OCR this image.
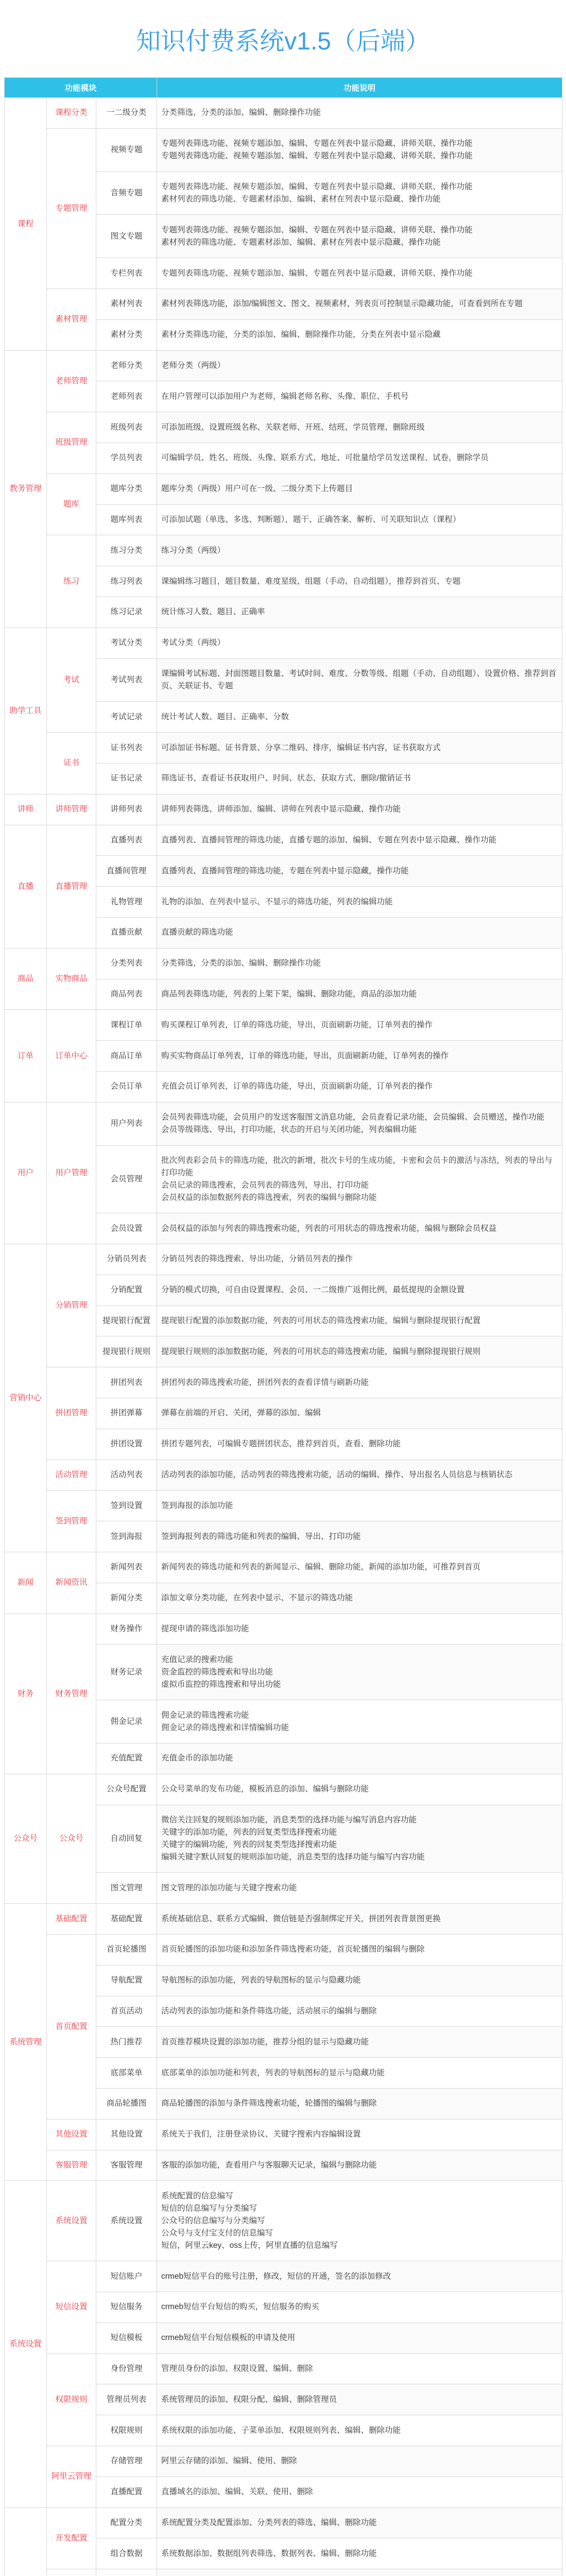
知识付费系统v1.5（后端）
功能模块			功能说明
课程	课程分类	一二级分类	分类筛选，分类的添加、编辑、删除操作功能
	专题管理	视频专题	专题列表筛选功能、视频专题添加、编辑、专题在列表中显示隐藏、讲师关联、操作功能
专题列表筛选功能、视频专题添加、编辑、专题在列表中显示隐藏、讲师关联、操作功能
		音频专题	专题列表筛选功能、视频专题添加、编辑、专题在列表中显示隐藏、讲师关联、操作功能
素材列表的筛选功能、专题素材添加、编辑、素材在列表中显示隐藏、操作功能
		图文专题	专题列表筛选功能、视频专题添加、编辑、专题在列表中显示隐藏、讲师关联、操作功能
素材列表的筛选功能、专题素材添加、编辑、素材在列表中显示隐藏、操作功能
		专栏列表	专题列表筛选功能、视频专题添加、编辑、专题在列表中显示隐藏、讲师关联、操作功能
	素材管理	素材列表	素材列表筛选功能，添加/编辑图文、图文、视频素材，列表页可控制显示隐藏功能，可查看到所在专题
		素材分类	素材分类筛选功能，分类的添加、编辑、删除操作功能，分类在列表中显示隐藏
教务管理	老师管理	老师分类	老师分类（两级）
		老师列表	在用户管理可以添加用户为老师，编辑老师名称、头像、职位、手机号
	班级管理	班级列表	可添加班级、设置班级名称、关联老师、开班、结班、学员管理、删除班级
		学员列表	可编辑学员、姓名、班级、头像、联系方式、地址、可批量给学员发送课程、试卷，删除学员
	题库	题库分类	题库分类（两级）用户可在一级、二级分类下上传题目
		题库列表	可添加试题（单选、多选、判断题），题干、正确答案、解析、可关联知识点（课程）
	练习	练习分类	练习分类（两级）
		练习列表	课编辑练习题目，题目数量、难度星级、组题（手动、自动组题），推荐到首页、专题
		练习记录	统计练习人数、题目、正确率
助学工具	考试	考试分类	考试分类（两级）
		考试列表	课编辑考试标题、封面图题目数量、考试时间、难度、分数等级、组题（手动、自动组题）、设置价格、推荐到首页、关联证书、专题
		考试记录	统计考试人数、题目、正确率、分数
	证书	证书列表	可添加证书标题、证书背景、分享二维码、排序，编辑证书内容，证书获取方式
		证书记录	筛选证书、查看证书获取用户、时间、状态、获取方式、删除/撤销证书
讲师	讲师管理	讲师列表	讲师列表筛选、讲师添加、编辑、讲师在列表中显示隐藏、操作功能
直播	直播管理	直播列表	直播列表、直播间管理的筛选功能，直播专题的添加、编辑、专题在列表中显示隐藏、操作功能
		直播间管理	直播列表、直播间管理的筛选功能，专题在列表中显示隐藏，操作功能
		礼物管理	礼物的添加、在列表中显示、不显示的筛选功能，列表的编辑功能
		直播贡献	直播贡献的筛选功能
商品	实物商品	分类列表	分类筛选，分类的添加、编辑、删除操作功能
		商品列表	商品列表筛选功能，列表的上架下架，编辑、删除功能，商品的添加功能
订单	订单中心	课程订单	购买课程订单列表，订单的筛选功能，导出，页面刷新功能，订单列表的操作
		商品订单	购买实物商品订单列表，订单的筛选功能，导出，页面刷新功能，订单列表的操作
		会员订单	充值会员订单列表，订单的筛选功能，导出，页面刷新功能，订单列表的操作
用户	用户管理	用户列表	会员列表筛选功能，会员用户的发送客服图文消息功能，会员查看记录功能，会员编辑、会员赠送，操作功能
会员等级筛选、导出，打印功能，状态的开启与关闭功能，列表编辑功能
		会员管理	批次列表彩会员卡的筛选功能，批次的新增，批次卡号的生成功能，卡密和会员卡的激活与冻结，列表的导出与打印功能
会员记录的筛选搜索，会员列表的筛选列，导出、打印功能
会员权益的添加数据列表的筛选搜索，列表的编辑与删除功能
		会员设置	会员权益的添加与列表的筛选搜索功能，列表的可用状态的筛选搜索功能，编辑与删除会员权益
营销中心	分销管理	分销员列表	分销员列表的筛选搜索、导出功能，分销员列表的操作
		分销配置	分销的模式切换，可自由设置课程、会员、一二级推广返佣比例，最低提现的金额设置
		提现银行配置	提现银行配置的添加数据功能，列表的可用状态的筛选搜索功能，编辑与删除提现银行配置
		提现银行规则	提现银行规则的添加数据功能，列表的可用状态的筛选搜索功能，编辑与删除提现银行规则
	拼团管理	拼团列表	拼团列表的筛选搜索功能，拼团列表的查看详情与刷新功能
		拼团弹幕	弹幕在前端的开启、关闭，弹幕的添加、编辑
		拼团设置	拼团专题列表，可编辑专题拼团状态，推荐到首页，查看、删除功能
	活动管理	活动列表	活动列表的添加功能，活动列表的筛选搜索功能，活动的编辑、操作、导出报名人员信息与核销状态
	签到管理	签到设置	签到海报的添加功能
		签到海报	签到海报列表的筛选功能和列表的编辑、导出、打印功能
新闻	新闻资讯	新闻列表	新闻列表的筛选功能和列表的新闻显示、编辑、删除功能，新闻的添加功能，可推荐到首页
		新闻分类	添加文章分类功能，在列表中显示、不显示的筛选功能
财务	财务管理	财务操作	提现申请的筛选添加功能
		财务记录	充值记录的搜索功能
资金监控的筛选搜索和导出功能
虚拟币监控的筛选搜索和导出功能
		佣金记录	佣金记录的筛选搜索功能
佣金记录的筛选搜索和详情编辑功能
		充值配置	充值金币的添加功能
公众号	公众号	公众号配置	公众号菜单的发布功能，模板消息的添加、编辑与删除功能
		自动回复	微信关注回复的规则添加功能，消息类型的选择功能与编写消息内容功能
关键字的添加功能，列表的回复类型选择搜索功能
关键字的编辑功能，列表的回复类型选择搜索功能
编辑关键字默认回复的规则添加功能，消息类型的选择功能与编写内容功能
		图文管理	图文管理的添加功能与关键字搜索功能
系统管理	基础配置	基础配置	系统基础信息、联系方式编辑、微信链是否强制绑定开关，拼团列表背景图更换
	首页配置	首页轮播图	首页轮播图的添加功能和添加条件筛选搜索功能，首页轮播图的编辑与删除
		导航配置	导航图标的添加功能，列表的导航图标的显示与隐藏功能
		首页活动	活动列表的添加功能和条件筛选功能，活动展示的编辑与删除
		热门推荐	首页推荐模块设置的添加功能，推荐分组的显示与隐藏功能
		底部菜单	底部菜单的添加功能和列表，列表的导航图标的显示与隐藏功能
		商品轮播图	商品轮播图的添加与条件筛选搜索功能，轮播图的编辑与删除
	其他设置	其他设置	系统关于我们，注册登录协议、关键字搜索内容编辑设置
	客服管理	客服管理	客服的添加功能，查看用户与客服聊天记录，编辑与删除功能
系统设置	系统设置	系统设置	系统配置的信息编写
短信的信息编写与分类编写
公众号的信息编写与分类编写
公众号与支付宝支付的信息编写
短信，阿里云key、oss上传，阿里直播的信息编写
	短信设置	短信账户	crmeb短信平台的账号注册，修改，短信的开通，签名的添加修改
		短信服务	crmeb短信平台短信的购买，短信服务的购买
		短信模板	crmeb短信平台短信模板的申请及使用
	权限规则	身份管理	管理员身份的添加、权限设置、编辑、删除
		管理员列表	系统管理员的添加、权限分配、编辑、删除管理员
		权限规则	系统权限的添加功能、子菜单添加、权限规则列表、编辑、删除功能
	阿里云管理	存储管理	阿里云存储的添加、编辑、使用、删除
		直播配置	直播域名的添加、编辑、关联、使用、删除
	开发配置	配置分类	系统配置分类及配置添加、分类列表的筛选、编辑、删除功能
		组合数据	系统数据添加、数据组列表筛选、数据列表、编辑、删除功能
